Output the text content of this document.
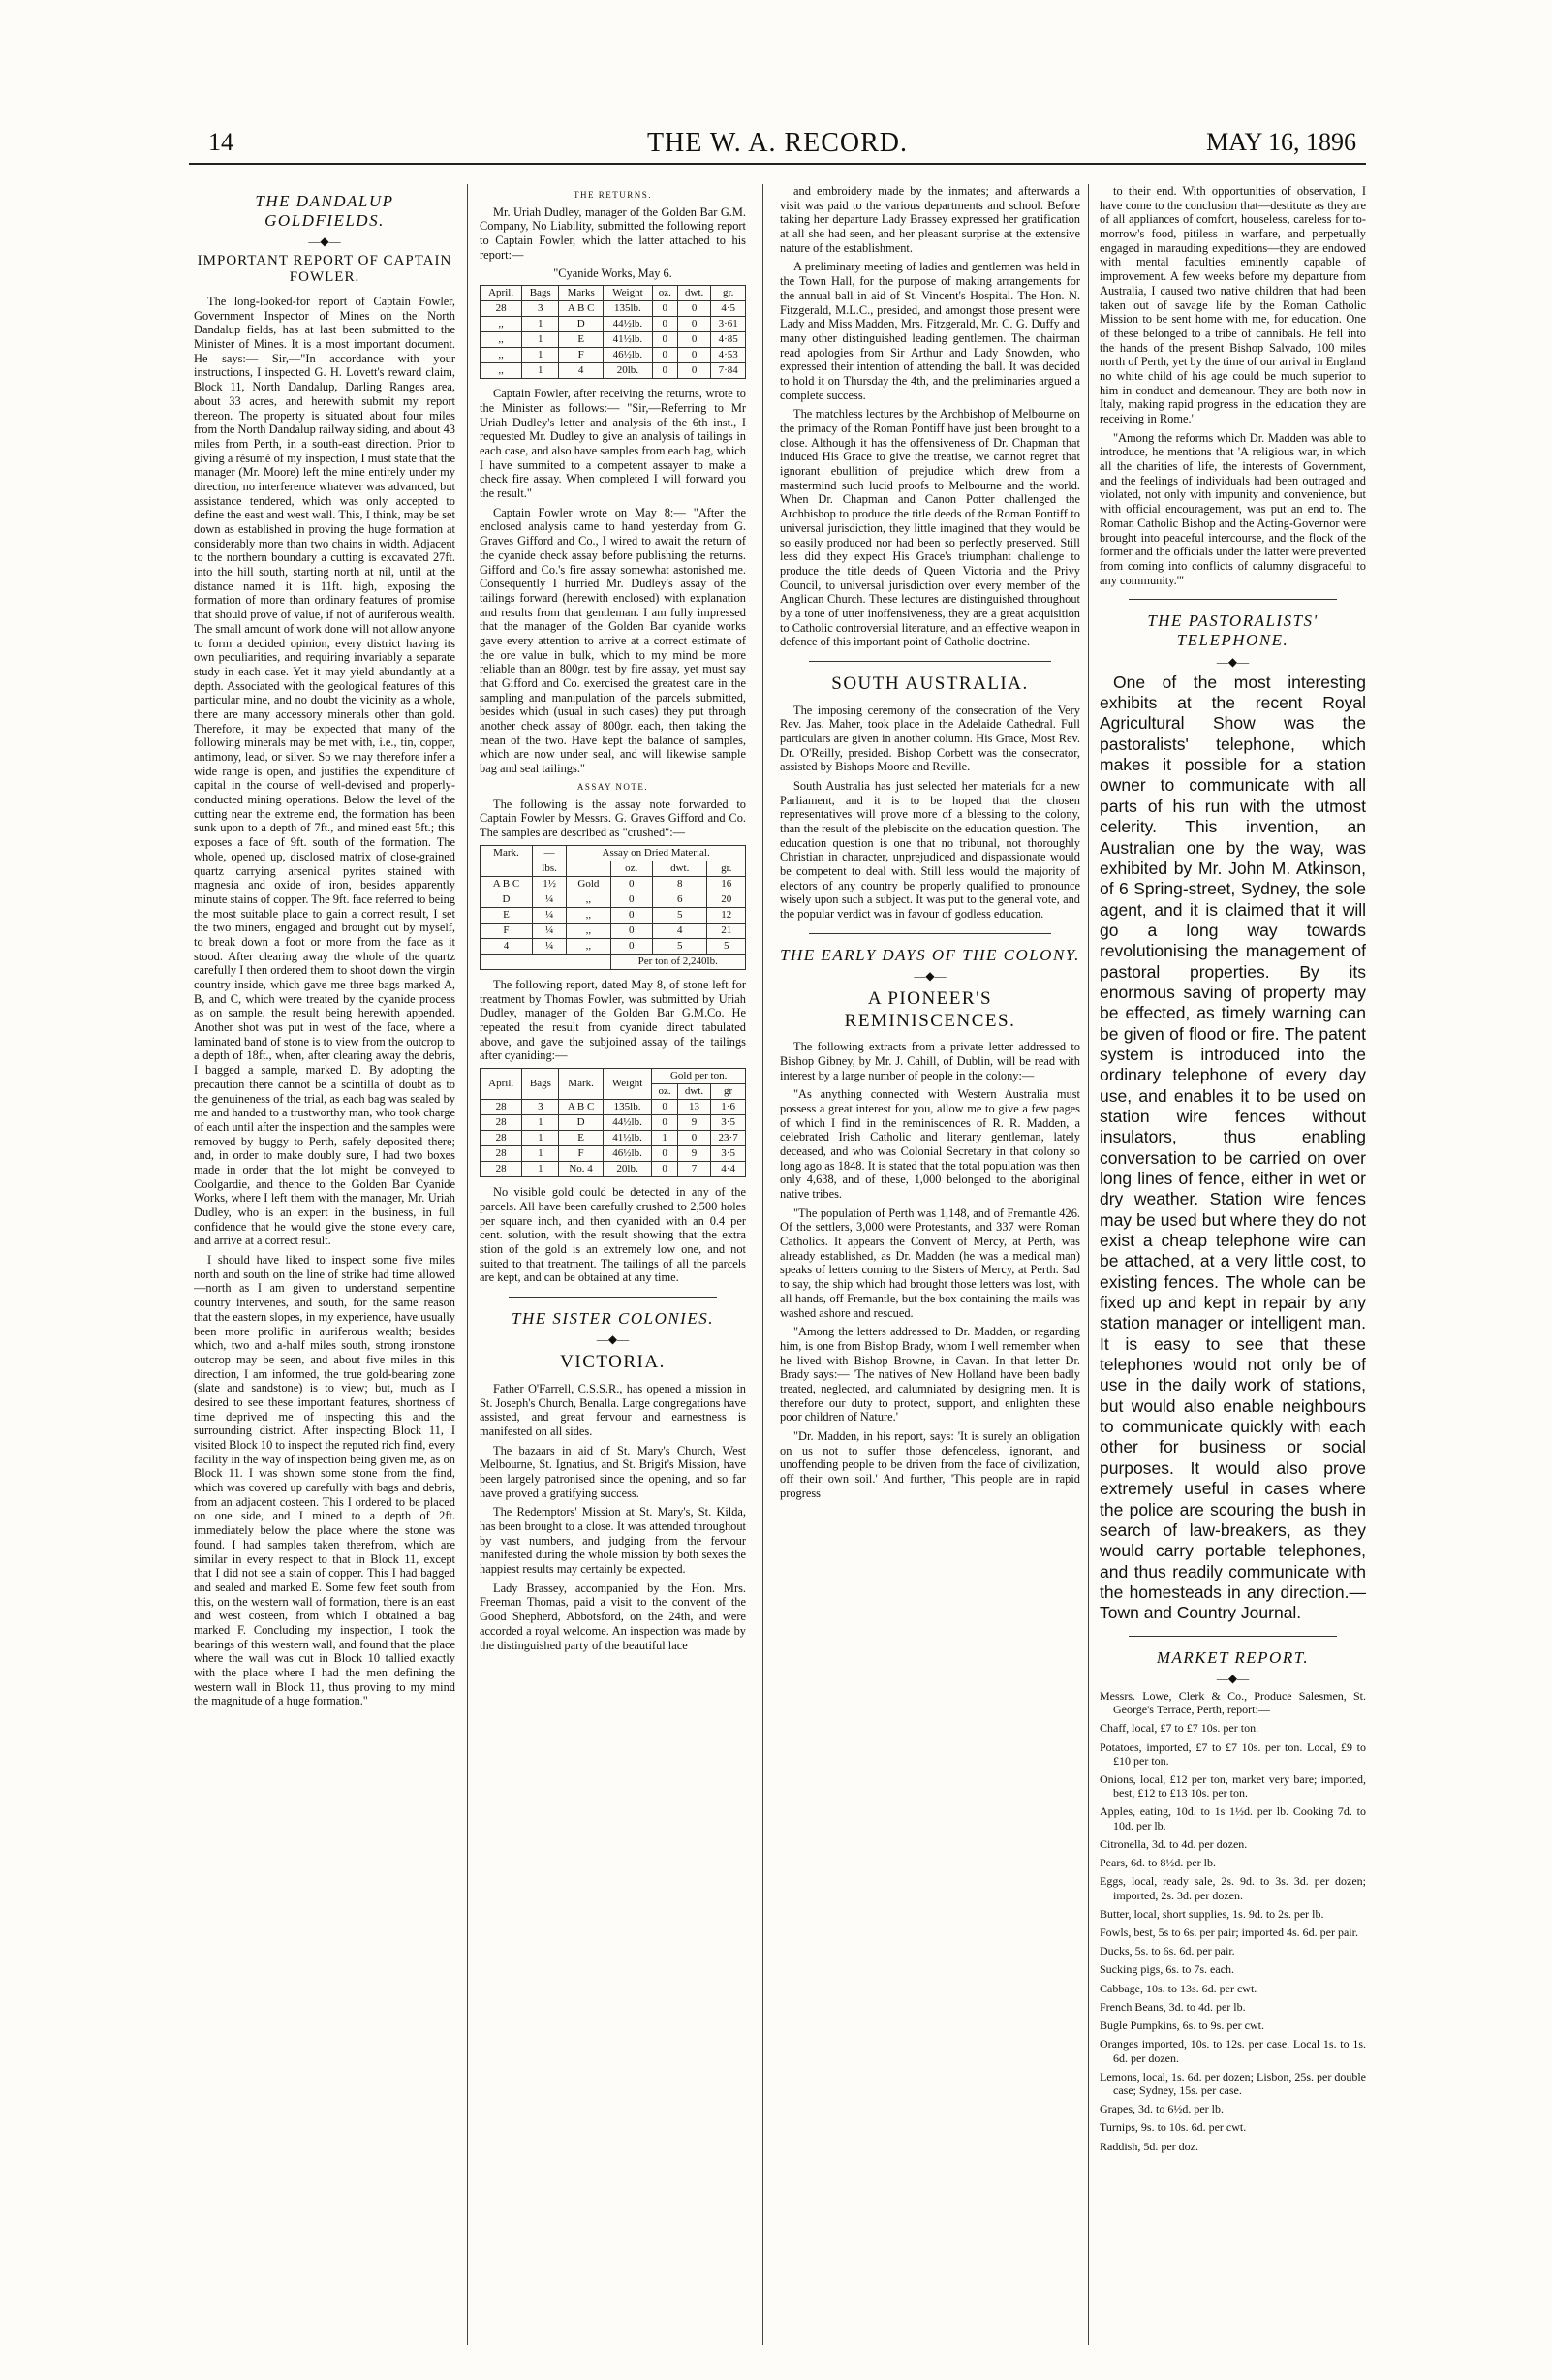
14	THE W. A. RECORD.	MAY 16, 1896
THE DANDALUP GOLDFIELDS.
—◆—
IMPORTANT REPORT OF CAPTAIN FOWLER.

The long-looked-for report of Captain Fowler, Government Inspector of Mines on the North Dandalup fields, has at last been submitted to the Minister of Mines. It is a most important document. He says:— Sir,—"In accordance with your instructions, I inspected G. H. Lovett's reward claim, Block 11, North Dandalup, Darling Ranges area, about 33 acres, and herewith submit my report thereon. The property is situated about four miles from the North Dandalup railway siding, and about 43 miles from Perth, in a south-east direction. Prior to giving a résumé of my inspection, I must state that the manager (Mr. Moore) left the mine entirely under my direction, no interference whatever was advanced, but assistance tendered, which was only accepted to define the east and west wall. This, I think, may be set down as established in proving the huge formation at considerably more than two chains in width. Adjacent to the northern boundary a cutting is excavated 27ft. into the hill south, starting north at nil, until at the distance named it is 11ft. high, exposing the formation of more than ordinary features of promise that should prove of value, if not of auriferous wealth. The small amount of work done will not allow anyone to form a decided opinion, every district having its own peculiarities, and requiring invariably a separate study in each case. Yet it may yield abundantly at a depth. Associated with the geological features of this particular mine, and no doubt the vicinity as a whole, there are many accessory minerals other than gold. Therefore, it may be expected that many of the following minerals may be met with, i.e., tin, copper, antimony, lead, or silver. So we may therefore infer a wide range is open, and justifies the expenditure of capital in the course of well-devised and properly-conducted mining operations. Below the level of the cutting near the extreme end, the formation has been sunk upon to a depth of 7ft., and mined east 5ft.; this exposes a face of 9ft. south of the formation. The whole, opened up, disclosed matrix of close-grained quartz carrying arsenical pyrites stained with magnesia and oxide of iron, besides apparently minute stains of copper. The 9ft. face referred to being the most suitable place to gain a correct result, I set the two miners, engaged and brought out by myself, to break down a foot or more from the face as it stood. After clearing away the whole of the quartz carefully I then ordered them to shoot down the virgin country inside, which gave me three bags marked A, B, and C, which were treated by the cyanide process as on sample, the result being herewith appended. Another shot was put in west of the face, where a laminated band of stone is to view from the outcrop to a depth of 18ft., when, after clearing away the debris, I bagged a sample, marked D. By adopting the precaution there cannot be a scintilla of doubt as to the genuineness of the trial, as each bag was sealed by me and handed to a trustworthy man, who took charge of each until after the inspection and the samples were removed by buggy to Perth, safely deposited there; and, in order to make doubly sure, I had two boxes made in order that the lot might be conveyed to Coolgardie, and thence to the Golden Bar Cyanide Works, where I left them with the manager, Mr. Uriah Dudley, who is an expert in the business, in full confidence that he would give the stone every care, and arrive at a correct result.

I should have liked to inspect some five miles north and south on the line of strike had time allowed—north as I am given to understand serpentine country intervenes, and south, for the same reason that the eastern slopes, in my experience, have usually been more prolific in auriferous wealth; besides which, two and a-half miles south, strong ironstone outcrop may be seen, and about five miles in this direction, I am informed, the true gold-bearing zone (slate and sandstone) is to view; but, much as I desired to see these important features, shortness of time deprived me of inspecting this and the surrounding district. After inspecting Block 11, I visited Block 10 to inspect the reputed rich find, every facility in the way of inspection being given me, as on Block 11. I was shown some stone from the find, which was covered up carefully with bags and debris, from an adjacent costeen. This I ordered to be placed on one side, and I mined to a depth of 2ft. immediately below the place where the stone was found. I had samples taken therefrom, which are similar in every respect to that in Block 11, except that I did not see a stain of copper. This I had bagged and sealed and marked E. Some few feet south from this, on the western wall of formation, there is an east and west costeen, from which I obtained a bag marked F. Concluding my inspection, I took the bearings of this western wall, and found that the place where the wall was cut in Block 10 tallied exactly with the place where I had the men defining the western wall in Block 11, thus proving to my mind the magnitude of a huge formation."

THE RETURNS.

Mr. Uriah Dudley, manager of the Golden Bar G.M. Company, No Liability, submitted the following report to Captain Fowler, which the latter attached to his report:—

"Cyanide Works, May 6.
April.	Bags	Marks	Weight	oz.	dwt.	gr.
28	3	A B C	135lb.	0	0	4·5
,,	1	D	44½lb.	0	0	3·61
,,	1	E	41½lb.	0	0	4·85
,,	1	F	46½lb.	0	0	4·53
,,	1	4	20lb.	0	0	7·84

Captain Fowler, after receiving the returns, wrote to the Minister as follows:— "Sir,—Referring to Mr Uriah Dudley's letter and analysis of the 6th inst., I requested Mr. Dudley to give an analysis of tailings in each case, and also have samples from each bag, which I have summited to a competent assayer to make a check fire assay. When completed I will forward you the result."

Captain Fowler wrote on May 8:— "After the enclosed analysis came to hand yesterday from G. Graves Gifford and Co., I wired to await the return of the cyanide check assay before publishing the returns. Gifford and Co.'s fire assay somewhat astonished me. Consequently I hurried Mr. Dudley's assay of the tailings forward (herewith enclosed) with explanation and results from that gentleman. I am fully impressed that the manager of the Golden Bar cyanide works gave every attention to arrive at a correct estimate of the ore value in bulk, which to my mind be more reliable than an 800gr. test by fire assay, yet must say that Gifford and Co. exercised the greatest care in the sampling and manipulation of the parcels submitted, besides which (usual in such cases) they put through another check assay of 800gr. each, then taking the mean of the two. Have kept the balance of samples, which are now under seal, and will likewise sample bag and seal tailings."

ASSAY NOTE.

The following is the assay note forwarded to Captain Fowler by Messrs. G. Graves Gifford and Co. The samples are described as "crushed":—

Mark.	—	Assay on Dried Material.			
	lbs.		oz.	dwt.	gr.
A B C	1½	Gold	0	8	16
D	¼	,,	0	6	20
E	¼	,,	0	5	12
F	¼	,,	0	4	21
4	¼	,,	0	5	5
			Per ton of 2,240lb.		

The following report, dated May 8, of stone left for treatment by Thomas Fowler, was submitted by Uriah Dudley, manager of the Golden Bar G.M.Co. He repeated the result from cyanide direct tabulated above, and gave the subjoined assay of the tailings after cyaniding:—

April.	Bags	Mark.	Weight	Gold per ton.		
				oz.	dwt.	gr
28	3	A B C	135lb.	0	13	1·6
28	1	D	44½lb.	0	9	3·5
28	1	E	41½lb.	1	0	23·7
28	1	F	46½lb.	0	9	3·5
28	1	No. 4	20lb.	0	7	4·4

No visible gold could be detected in any of the parcels. All have been carefully crushed to 2,500 holes per square inch, and then cyanided with an 0.4 per cent. solution, with the result showing that the extra stion of the gold is an extremely low one, and not suited to that treatment. The tailings of all the parcels are kept, and can be obtained at any time.

THE SISTER COLONIES.
—◆—
VICTORIA.

Father O'Farrell, C.S.S.R., has opened a mission in St. Joseph's Church, Benalla. Large congregations have assisted, and great fervour and earnestness is manifested on all sides.

The bazaars in aid of St. Mary's Church, West Melbourne, St. Ignatius, and St. Brigit's Mission, have been largely patronised since the opening, and so far have proved a gratifying success.

The Redemptors' Mission at St. Mary's, St. Kilda, has been brought to a close. It was attended throughout by vast numbers, and judging from the fervour manifested during the whole mission by both sexes the happiest results may certainly be expected.

Lady Brassey, accompanied by the Hon. Mrs. Freeman Thomas, paid a visit to the convent of the Good Shepherd, Abbotsford, on the 24th, and were accorded a royal welcome. An inspection was made by the distinguished party of the beautiful lace

and embroidery made by the inmates; and afterwards a visit was paid to the various departments and school. Before taking her departure Lady Brassey expressed her gratification at all she had seen, and her pleasant surprise at the extensive nature of the establishment.

A preliminary meeting of ladies and gentlemen was held in the Town Hall, for the purpose of making arrangements for the annual ball in aid of St. Vincent's Hospital. The Hon. N. Fitzgerald, M.L.C., presided, and amongst those present were Lady and Miss Madden, Mrs. Fitzgerald, Mr. C. G. Duffy and many other distinguished leading gentlemen. The chairman read apologies from Sir Arthur and Lady Snowden, who expressed their intention of attending the ball. It was decided to hold it on Thursday the 4th, and the preliminaries argued a complete success.

The matchless lectures by the Archbishop of Melbourne on the primacy of the Roman Pontiff have just been brought to a close. Although it has the offensiveness of Dr. Chapman that induced His Grace to give the treatise, we cannot regret that ignorant ebullition of prejudice which drew from a mastermind such lucid proofs to Melbourne and the world. When Dr. Chapman and Canon Potter challenged the Archbishop to produce the title deeds of the Roman Pontiff to universal jurisdiction, they little imagined that they would be so easily produced nor had been so perfectly preserved. Still less did they expect His Grace's triumphant challenge to produce the title deeds of Queen Victoria and the Privy Council, to universal jurisdiction over every member of the Anglican Church. These lectures are distinguished throughout by a tone of utter inoffensiveness, they are a great acquisition to Catholic controversial literature, and an effective weapon in defence of this important point of Catholic doctrine.

SOUTH AUSTRALIA.

The imposing ceremony of the consecration of the Very Rev. Jas. Maher, took place in the Adelaide Cathedral. Full particulars are given in another column. His Grace, Most Rev. Dr. O'Reilly, presided. Bishop Corbett was the consecrator, assisted by Bishops Moore and Reville.

South Australia has just selected her materials for a new Parliament, and it is to be hoped that the chosen representatives will prove more of a blessing to the colony, than the result of the plebiscite on the education question. The education question is one that no tribunal, not thoroughly Christian in character, unprejudiced and dispassionate would be competent to deal with. Still less would the majority of electors of any country be properly qualified to pronounce wisely upon such a subject. It was put to the general vote, and the popular verdict was in favour of godless education.

THE EARLY DAYS OF THE COLONY.
—◆—
A PIONEER'S REMINISCENCES.

The following extracts from a private letter addressed to Bishop Gibney, by Mr. J. Cahill, of Dublin, will be read with interest by a large number of people in the colony:—

"As anything connected with Western Australia must possess a great interest for you, allow me to give a few pages of which I find in the reminiscences of R. R. Madden, a celebrated Irish Catholic and literary gentleman, lately deceased, and who was Colonial Secretary in that colony so long ago as 1848. It is stated that the total population was then only 4,638, and of these, 1,000 belonged to the aboriginal native tribes.

"The population of Perth was 1,148, and of Fremantle 426. Of the settlers, 3,000 were Protestants, and 337 were Roman Catholics. It appears the Convent of Mercy, at Perth, was already established, as Dr. Madden (he was a medical man) speaks of letters coming to the Sisters of Mercy, at Perth. Sad to say, the ship which had brought those letters was lost, with all hands, off Fremantle, but the box containing the mails was washed ashore and rescued.

"Among the letters addressed to Dr. Madden, or regarding him, is one from Bishop Brady, whom I well remember when he lived with Bishop Browne, in Cavan. In that letter Dr. Brady says:— 'The natives of New Holland have been badly treated, neglected, and calumniated by designing men. It is therefore our duty to protect, support, and enlighten these poor children of Nature.'

"Dr. Madden, in his report, says: 'It is surely an obligation on us not to suffer those defenceless, ignorant, and unoffending people to be driven from the face of civilization, off their own soil.' And further, 'This people are in rapid progress

to their end. With opportunities of observation, I have come to the conclusion that—destitute as they are of all appliances of comfort, houseless, careless for to-morrow's food, pitiless in warfare, and perpetually engaged in marauding expeditions—they are endowed with mental faculties eminently capable of improvement. A few weeks before my departure from Australia, I caused two native children that had been taken out of savage life by the Roman Catholic Mission to be sent home with me, for education. One of these belonged to a tribe of cannibals. He fell into the hands of the present Bishop Salvado, 100 miles north of Perth, yet by the time of our arrival in England no white child of his age could be much superior to him in conduct and demeanour. They are both now in Italy, making rapid progress in the education they are receiving in Rome.'

"Among the reforms which Dr. Madden was able to introduce, he mentions that 'A religious war, in which all the charities of life, the interests of Government, and the feelings of individuals had been outraged and violated, not only with impunity and convenience, but with official encouragement, was put an end to. The Roman Catholic Bishop and the Acting-Governor were brought into peaceful intercourse, and the flock of the former and the officials under the latter were prevented from coming into conflicts of calumny disgraceful to any community.'"

THE PASTORALISTS' TELEPHONE.
—◆—

One of the most interesting exhibits at the recent Royal Agricultural Show was the pastoralists' telephone, which makes it possible for a station owner to communicate with all parts of his run with the utmost celerity. This invention, an Australian one by the way, was exhibited by Mr. John M. Atkinson, of 6 Spring-street, Sydney, the sole agent, and it is claimed that it will go a long way towards revolutionising the management of pastoral properties. By its enormous saving of property may be effected, as timely warning can be given of flood or fire. The patent system is introduced into the ordinary telephone of every day use, and enables it to be used on station wire fences without insulators, thus enabling conversation to be carried on over long lines of fence, either in wet or dry weather. Station wire fences may be used but where they do not exist a cheap telephone wire can be attached, at a very little cost, to existing fences. The whole can be fixed up and kept in repair by any station manager or intelligent man. It is easy to see that these telephones would not only be of use in the daily work of stations, but would also enable neighbours to communicate quickly with each other for business or social purposes. It would also prove extremely useful in cases where the police are scouring the bush in search of law-breakers, as they would carry portable telephones, and thus readily communicate with the homesteads in any direction.—Town and Country Journal.

MARKET REPORT.
—◆—

Messrs. Lowe, Clerk & Co., Produce Salesmen, St. George's Terrace, Perth, report:—

Chaff, local, £7 to £7 10s. per ton.

Potatoes, imported, £7 to £7 10s. per ton. Local, £9 to £10 per ton.

Onions, local, £12 per ton, market very bare; imported, best, £12 to £13 10s. per ton.

Apples, eating, 10d. to 1s 1½d. per lb. Cooking 7d. to 10d. per lb.

Citronella, 3d. to 4d. per dozen.

Pears, 6d. to 8½d. per lb.

Eggs, local, ready sale, 2s. 9d. to 3s. 3d. per dozen; imported, 2s. 3d. per dozen.

Butter, local, short supplies, 1s. 9d. to 2s. per lb.

Fowls, best, 5s to 6s. per pair; imported 4s. 6d. per pair.

Ducks, 5s. to 6s. 6d. per pair.

Sucking pigs, 6s. to 7s. each.

Cabbage, 10s. to 13s. 6d. per cwt.

French Beans, 3d. to 4d. per lb.

Bugle Pumpkins, 6s. to 9s. per cwt.

Oranges imported, 10s. to 12s. per case. Local 1s. to 1s. 6d. per dozen.

Lemons, local, 1s. 6d. per dozen; Lisbon, 25s. per double case; Sydney, 15s. per case.

Grapes, 3d. to 6½d. per lb.

Turnips, 9s. to 10s. 6d. per cwt.

Raddish, 5d. per doz.
